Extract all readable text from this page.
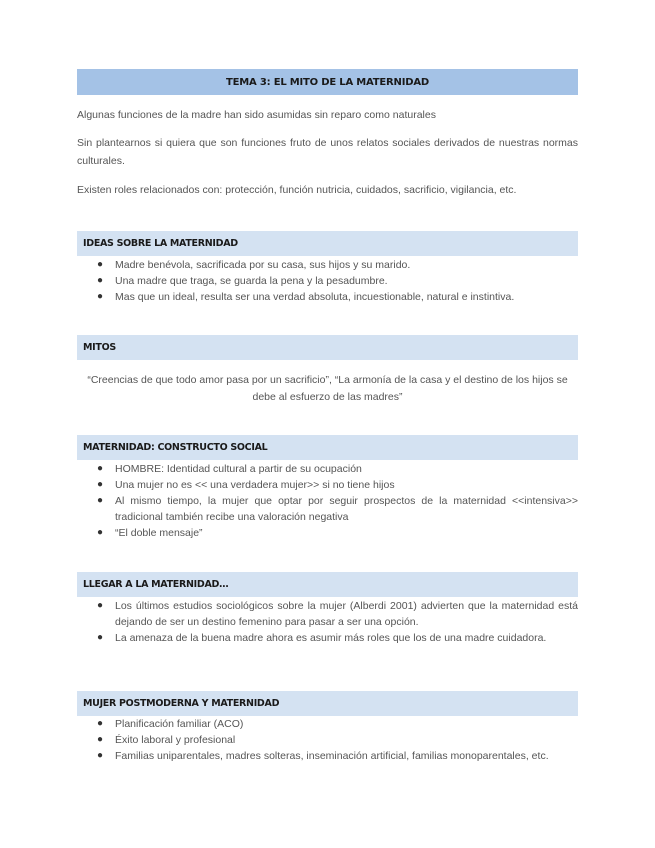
TEMA 3: EL MITO DE LA MATERNIDAD
Algunas funciones de la madre han sido asumidas sin reparo como naturales
Sin plantearnos si quiera que son funciones fruto de unos relatos sociales derivados de nuestras normas culturales.
Existen roles relacionados con: protección, función nutricia, cuidados, sacrificio, vigilancia, etc.
IDEAS SOBRE LA MATERNIDAD
● Madre benévola, sacrificada por su casa, sus hijos y su marido.
● Una madre que traga, se guarda la pena y la pesadumbre.
● Mas que un ideal, resulta ser una verdad absoluta, incuestionable, natural e instintiva.
MITOS
“Creencias de que todo amor pasa por un sacrificio”, “La armonía de la casa y el destino de los hijos se debe al esfuerzo de las madres”
MATERNIDAD: CONSTRUCTO SOCIAL
● HOMBRE: Identidad cultural a partir de su ocupación
● Una mujer no es << una verdadera mujer>> si no tiene hijos
● Al mismo tiempo, la mujer que optar por seguir prospectos de la maternidad <<intensiva>> tradicional también recibe una valoración negativa
● “El doble mensaje”
LLEGAR A LA MATERNIDAD…
● Los últimos estudios sociológicos sobre la mujer (Alberdi 2001) advierten que la maternidad está dejando de ser un destino femenino para pasar a ser una opción.
● La amenaza de la buena madre ahora es asumir más roles que los de una madre cuidadora.
MUJER POSTMODERNA Y MATERNIDAD
● Planificación familiar (ACO)
● Éxito laboral y profesional
● Familias uniparentales, madres solteras, inseminación artificial, familias monoparentales, etc.
